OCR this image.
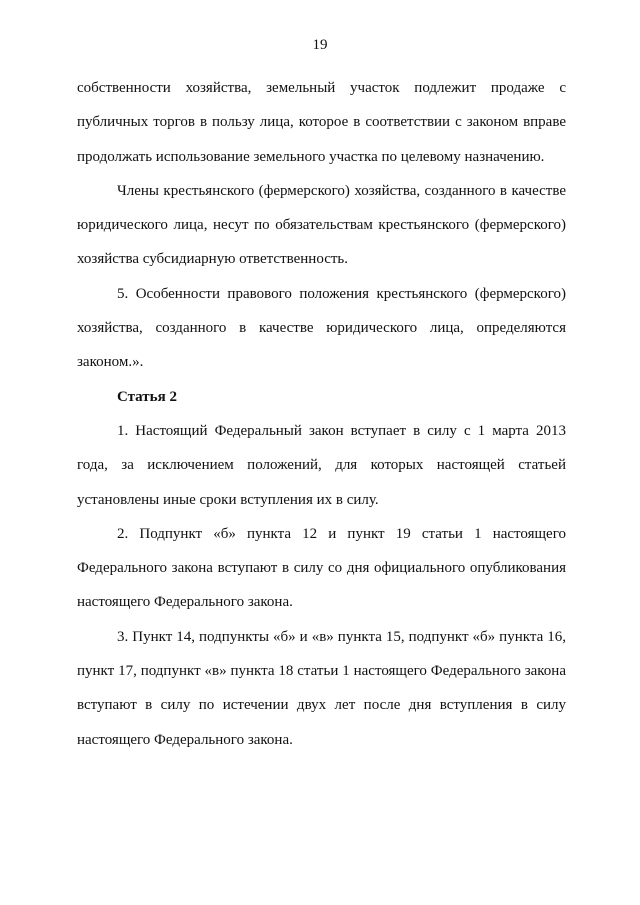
19

собственности хозяйства, земельный участок подлежит продаже с публичных торгов в пользу лица, которое в соответствии с законом вправе продолжать использование земельного участка по целевому назначению.

Члены крестьянского (фермерского) хозяйства, созданного в качестве юридического лица, несут по обязательствам крестьянского (фермерского) хозяйства субсидиарную ответственность.

5. Особенности правового положения крестьянского (фермерского) хозяйства, созданного в качестве юридического лица, определяются законом.».

Статья 2

1. Настоящий Федеральный закон вступает в силу с 1 марта 2013 года, за исключением положений, для которых настоящей статьей установлены иные сроки вступления их в силу.

2. Подпункт «б» пункта 12 и пункт 19 статьи 1 настоящего Федерального закона вступают в силу со дня официального опубликования настоящего Федерального закона.

3. Пункт 14, подпункты «б» и «в» пункта 15, подпункт «б» пункта 16, пункт 17, подпункт «в» пункта 18 статьи 1 настоящего Федерального закона вступают в силу по истечении двух лет после дня вступления в силу настоящего Федерального закона.
